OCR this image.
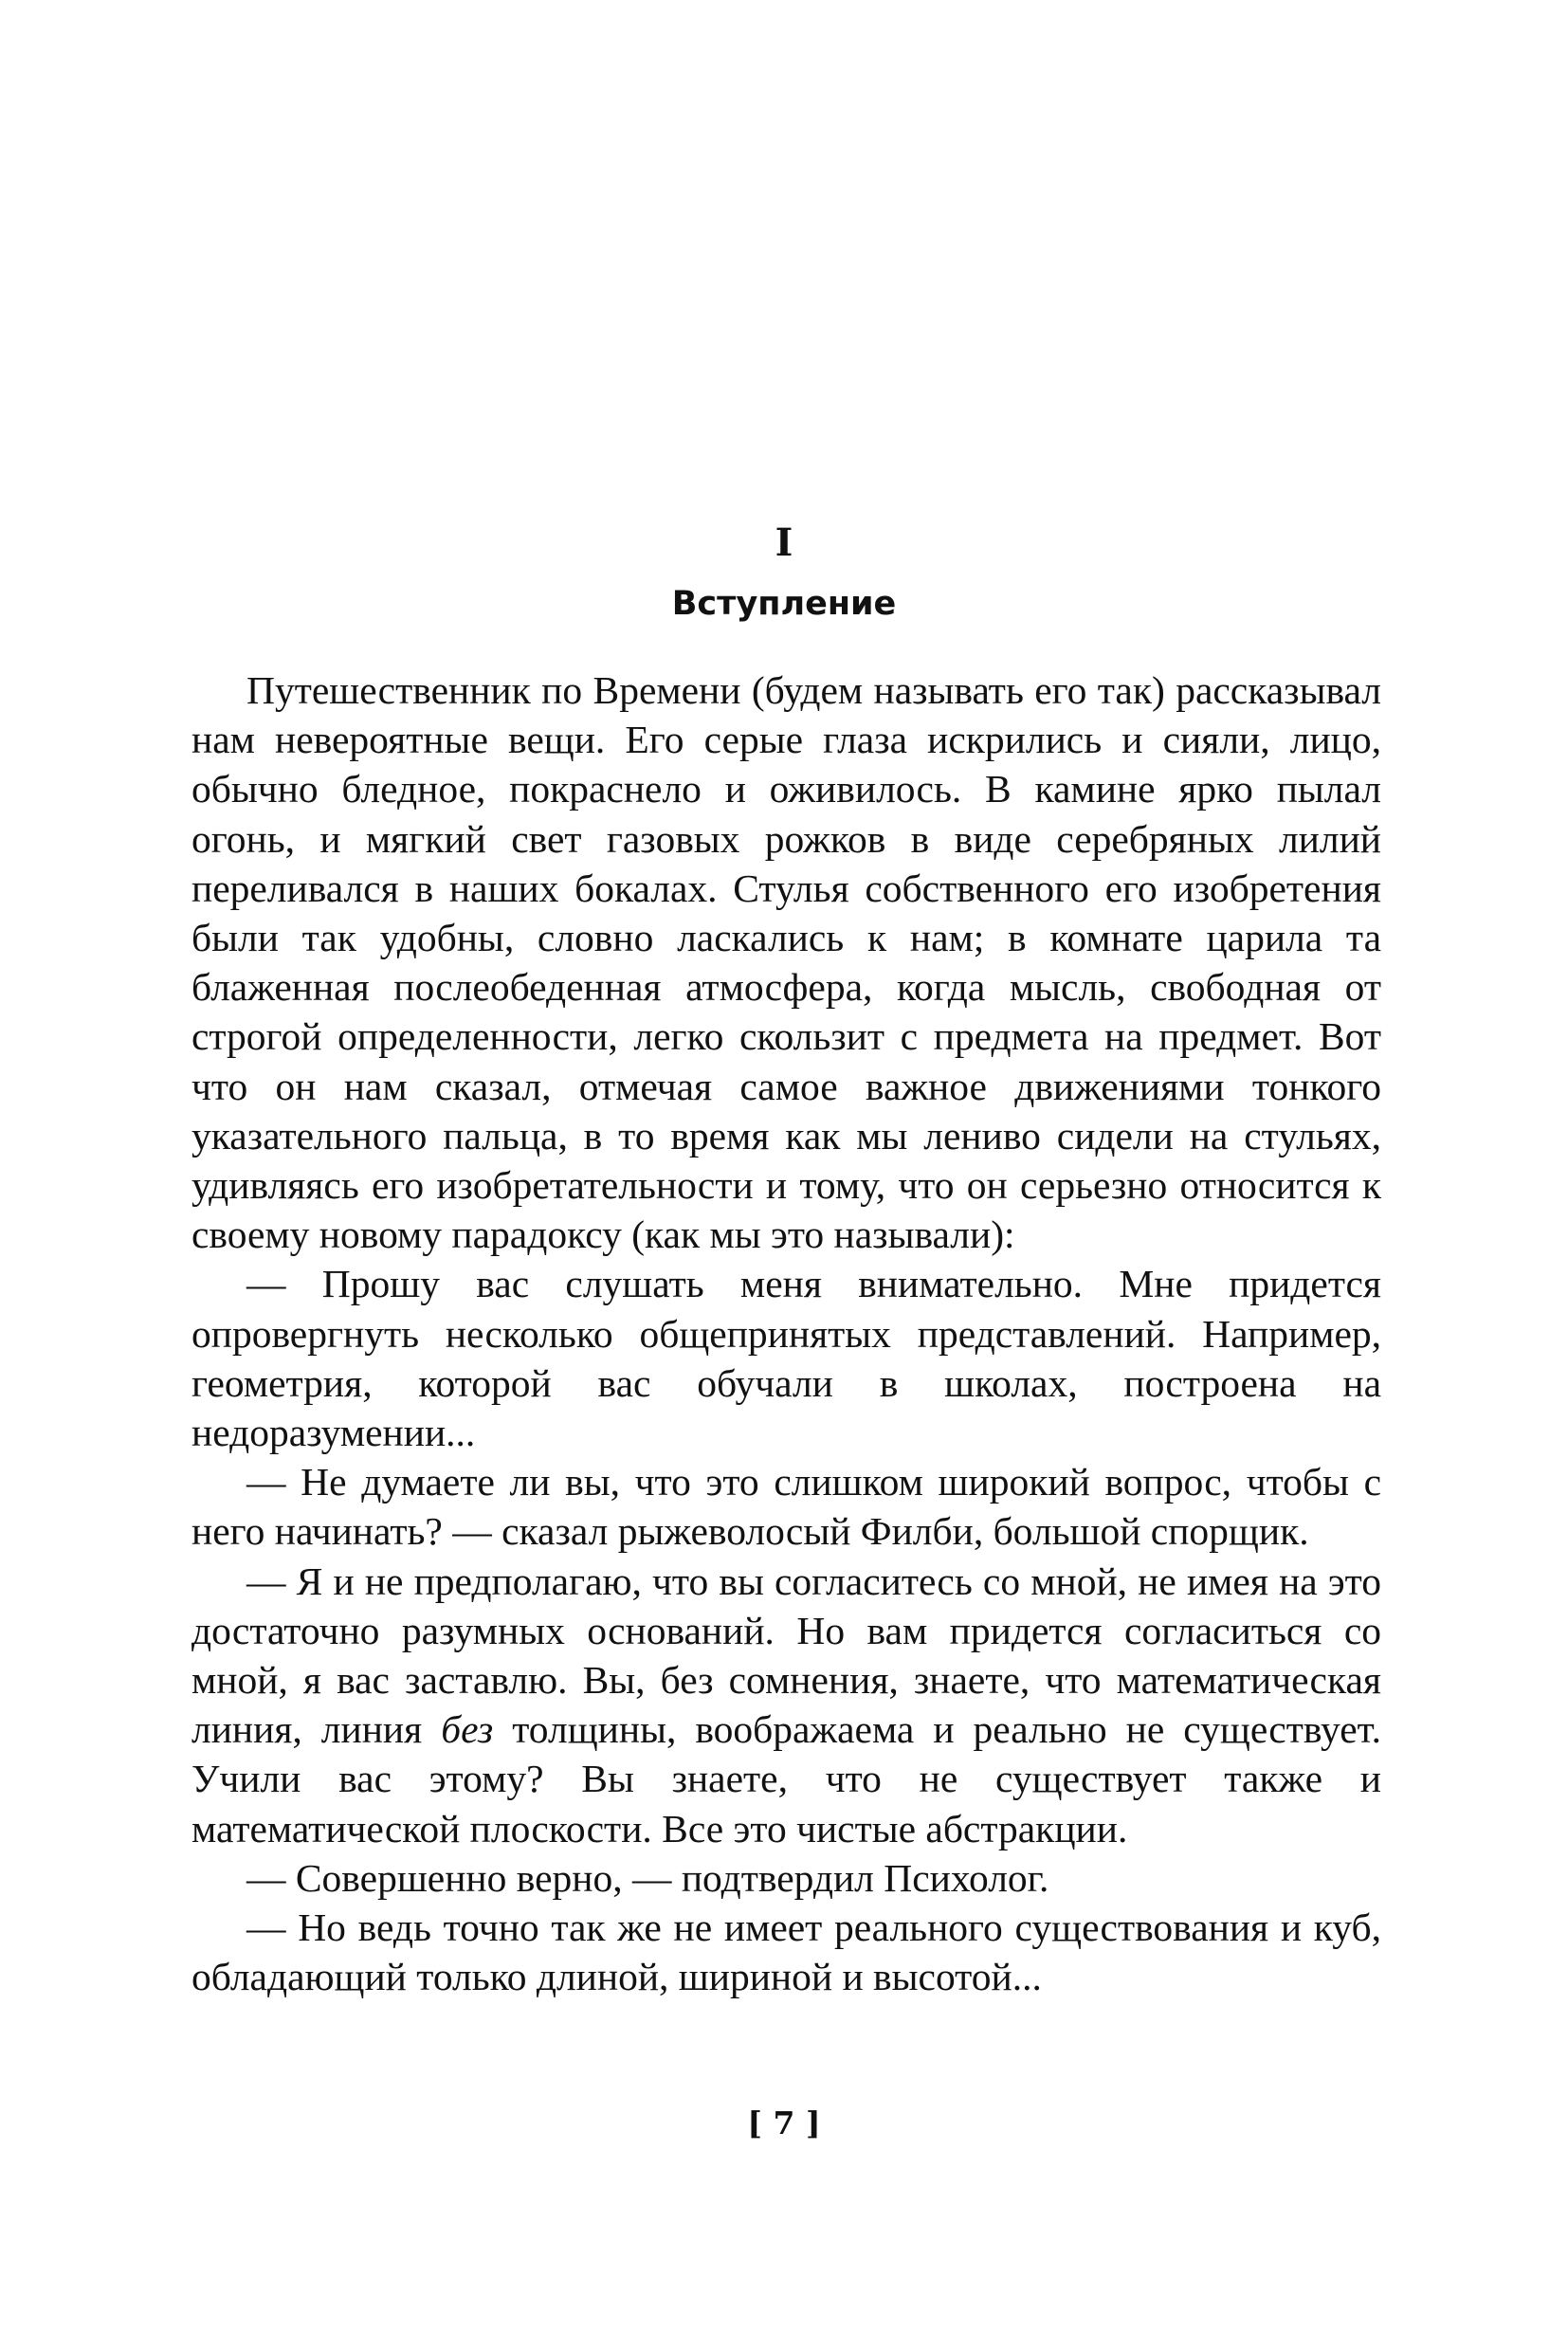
I
Вступление

Путешественник по Времени (будем называть его так) рассказывал нам невероятные вещи. Его серые глаза искрились и сияли, лицо, обычно бледное, покраснело и оживилось. В камине ярко пылал огонь, и мягкий свет газовых рожков в виде серебряных лилий переливался в наших бокалах. Стулья собственного его изобретения были так удобны, словно ласкались к нам; в комнате царила та блаженная послеобеденная атмосфера, когда мысль, свободная от строгой определенности, легко скользит с предмета на предмет. Вот что он нам сказал, отмечая самое важное движениями тонкого указательного пальца, в то время как мы лениво сидели на стульях, удивляясь его изобретательности и тому, что он серьезно относится к своему новому парадоксу (как мы это называли):

— Прошу вас слушать меня внимательно. Мне придется опровергнуть несколько общепринятых представлений. Например, геометрия, которой вас обучали в школах, построена на недоразумении...

— Не думаете ли вы, что это слишком широкий вопрос, чтобы с него начинать? — сказал рыжеволосый Филби, большой спорщик.

— Я и не предполагаю, что вы согласитесь со мной, не имея на это достаточно разумных оснований. Но вам придется согласиться со мной, я вас заставлю. Вы, без сомнения, знаете, что математическая линия, линия без толщины, воображаема и реально не существует. Учили вас этому? Вы знаете, что не существует также и математической плоскости. Все это чистые абстракции.

— Совершенно верно, — подтвердил Психолог.

— Но ведь точно так же не имеет реального существования и куб, обладающий только длиной, шириной и высотой...

[ 7 ]
